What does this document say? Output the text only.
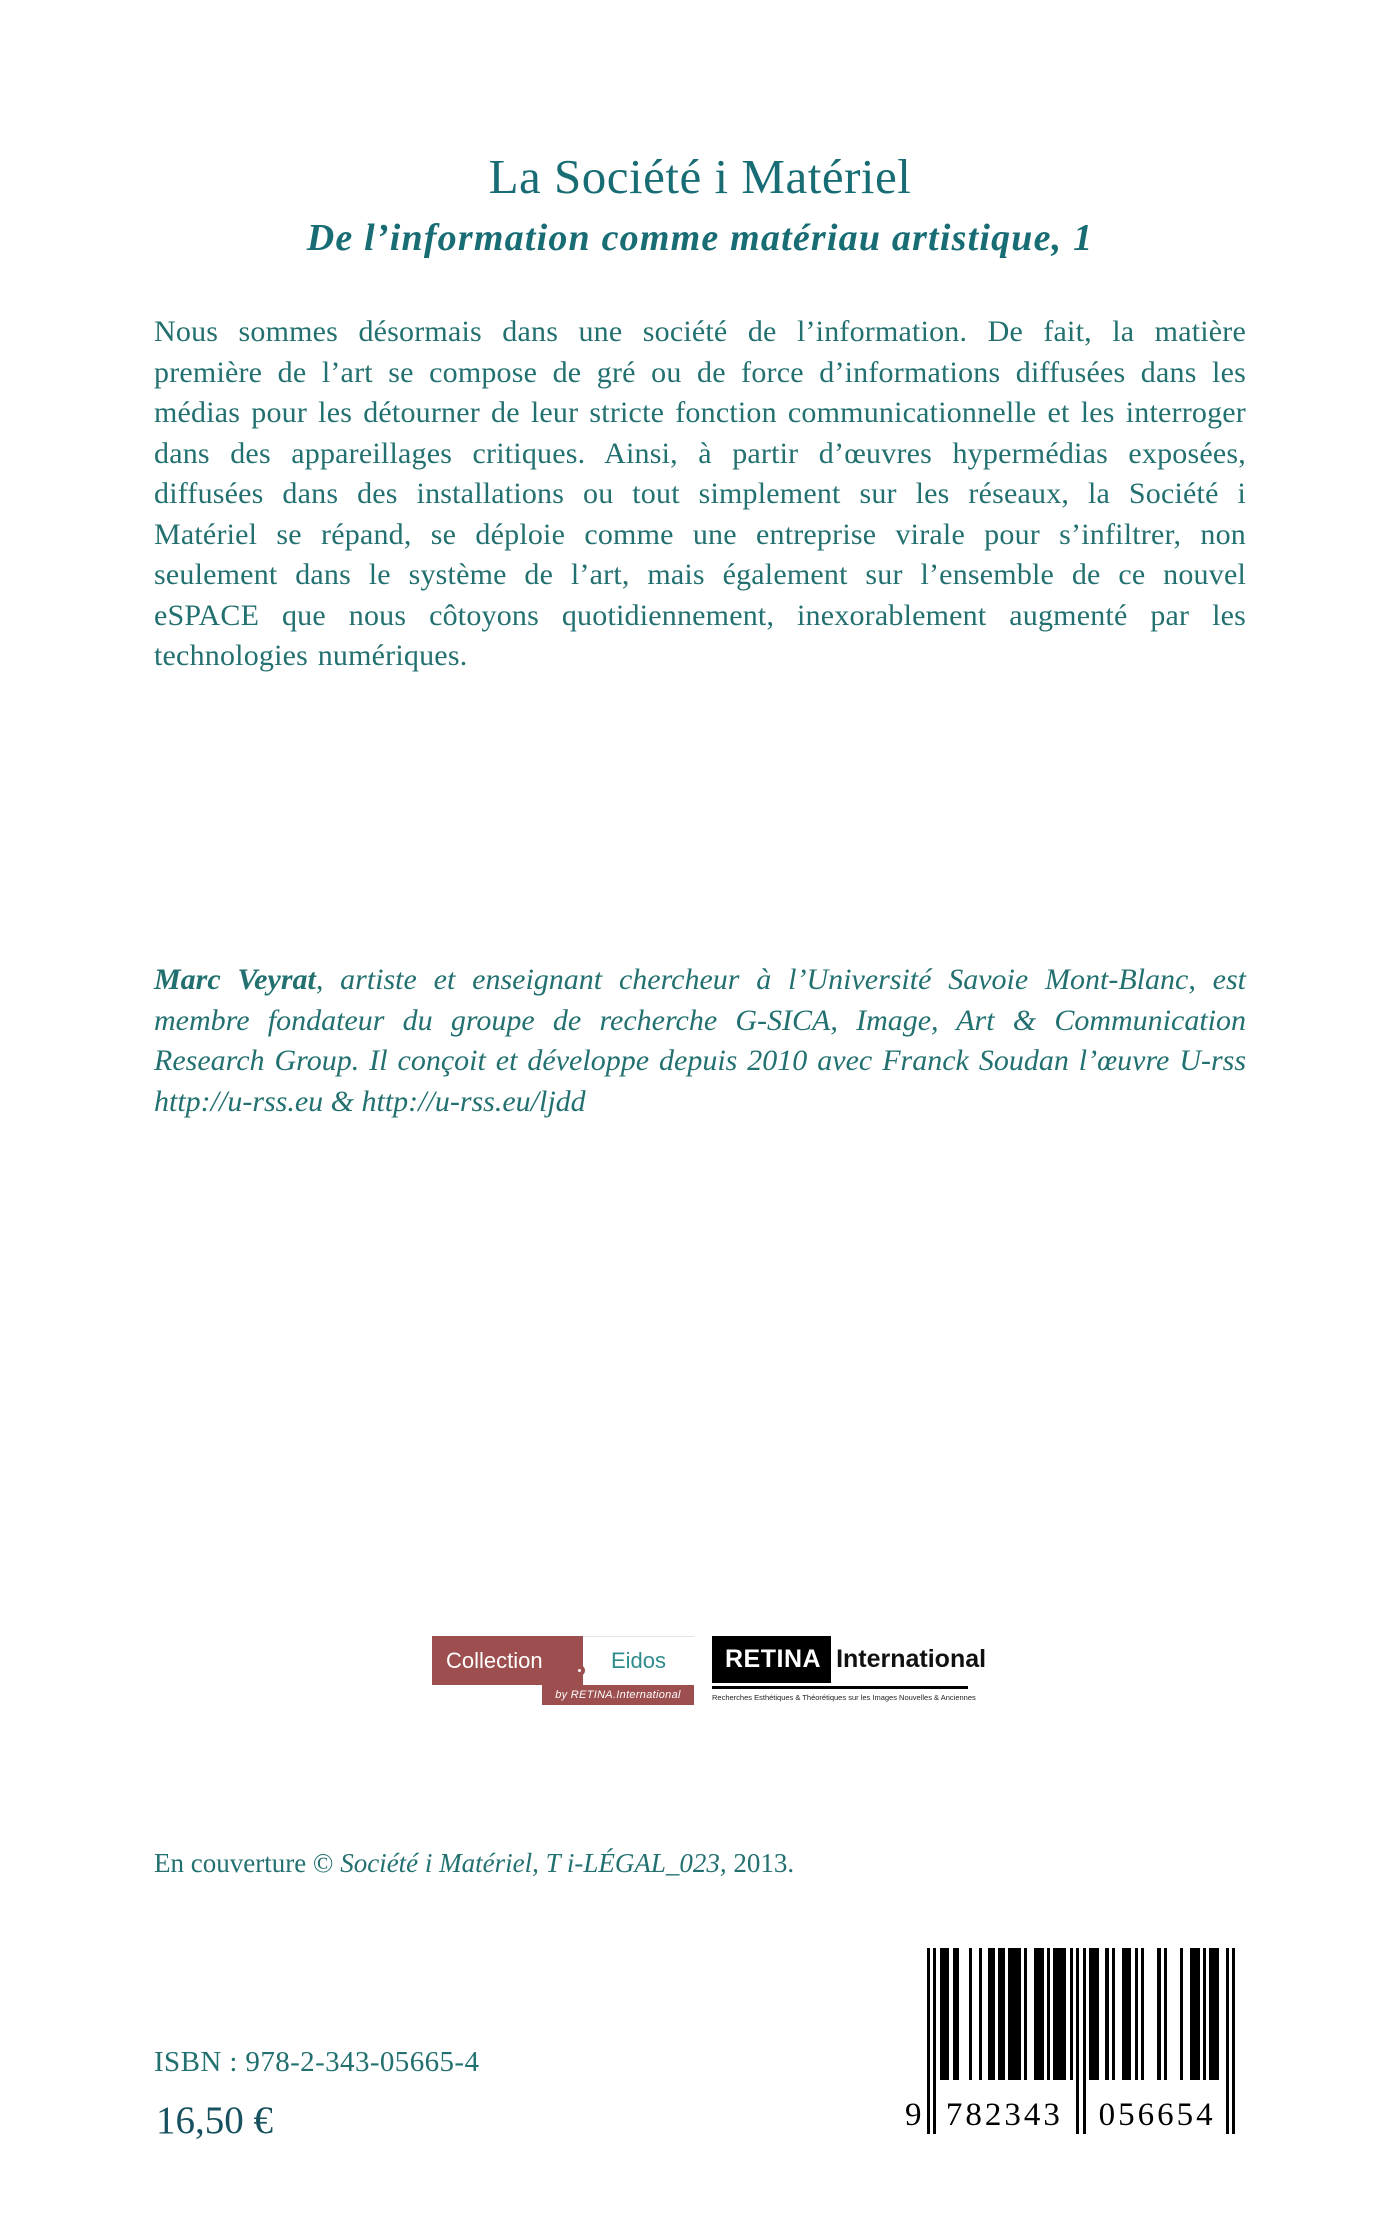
La Société i Matériel
De l’information comme matériau artistique, 1
Nous sommes désormais dans une société de l’information. De fait, la matière première de l’art se compose de gré ou de force d’informations diffusées dans les médias pour les détourner de leur stricte fonction communicationnelle et les interroger dans des appareillages critiques. Ainsi, à partir d’œuvres hypermédias exposées, diffusées dans des installations ou tout simplement sur les réseaux, la Société i Matériel se répand, se déploie comme une entreprise virale pour s’infiltrer, non seulement dans le système de l’art, mais également sur l’ensemble de ce nouvel eSPACE que nous côtoyons quotidiennement, inexorablement augmenté par les technologies numériques.
Marc Veyrat, artiste et enseignant chercheur à l’Université Savoie Mont-Blanc, est membre fondateur du groupe de recherche G-SICA, Image, Art & Communication Research Group. Il conçoit et développe depuis 2010 avec Franck Soudan l’œuvre U-rss http://u-rss.eu & http://u-rss.eu/ljdd
Collection	Eidos
by RETINA.International
RETINA International
Recherches Esthétiques & Théorétiques sur les Images Nouvelles & Anciennes
En couverture © Société i Matériel, T i-LÉGAL_023, 2013.
ISBN : 978-2-343-05665-4
16,50 €	9 782343 056654
